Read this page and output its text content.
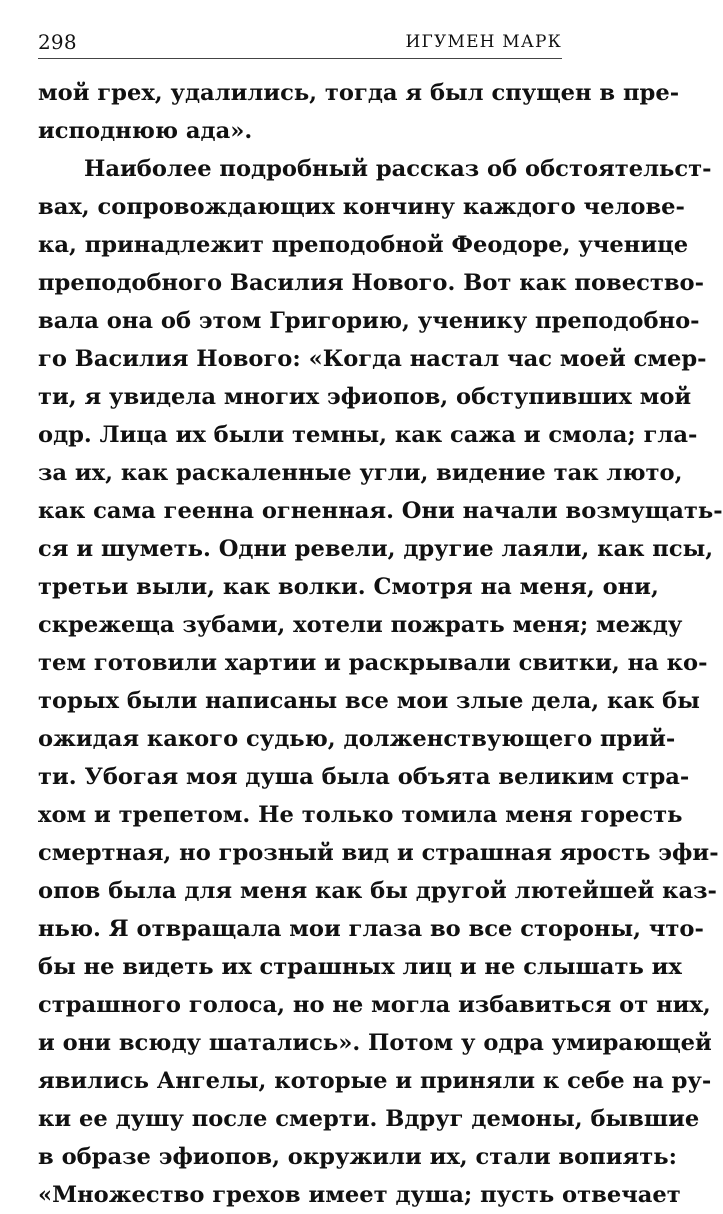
298	ИГУМЕН МАРК
мой грех, удалились, тогда я был спущен в пре-
исподнюю ада».
Наиболее подробный рассказ об обстоятельст-
вах, сопровождающих кончину каждого челове-
ка, принадлежит преподобной Феодоре, ученице
преподобного Василия Нового. Вот как повество-
вала она об этом Григорию, ученику преподобно-
го Василия Нового: «Когда настал час моей смер-
ти, я увидела многих эфиопов, обступивших мой
одр. Лица их были темны, как сажа и смола; гла-
за их, как раскаленные угли, видение так люто,
как сама геенна огненная. Они начали возмущать-
ся и шуметь. Одни ревели, другие лаяли, как псы,
третьи выли, как волки. Смотря на меня, они,
скрежеща зубами, хотели пожрать меня; между
тем готовили хартии и раскрывали свитки, на ко-
торых были написаны все мои злые дела, как бы
ожидая какого судью, долженствующего прий-
ти. Убогая моя душа была объята великим стра-
хом и трепетом. Не только томила меня горесть
смертная, но грозный вид и страшная ярость эфи-
опов была для меня как бы другой лютейшей каз-
нью. Я отвращала мои глаза во все стороны, что-
бы не видеть их страшных лиц и не слышать их
страшного голоса, но не могла избавиться от них,
и они всюду шатались». Потом у одра умирающей
явились Ангелы, которые и приняли к себе на ру-
ки ее душу после смерти. Вдруг демоны, бывшие
в образе эфиопов, окружили их, стали вопиять:
«Множество грехов имеет душа; пусть отвечает
